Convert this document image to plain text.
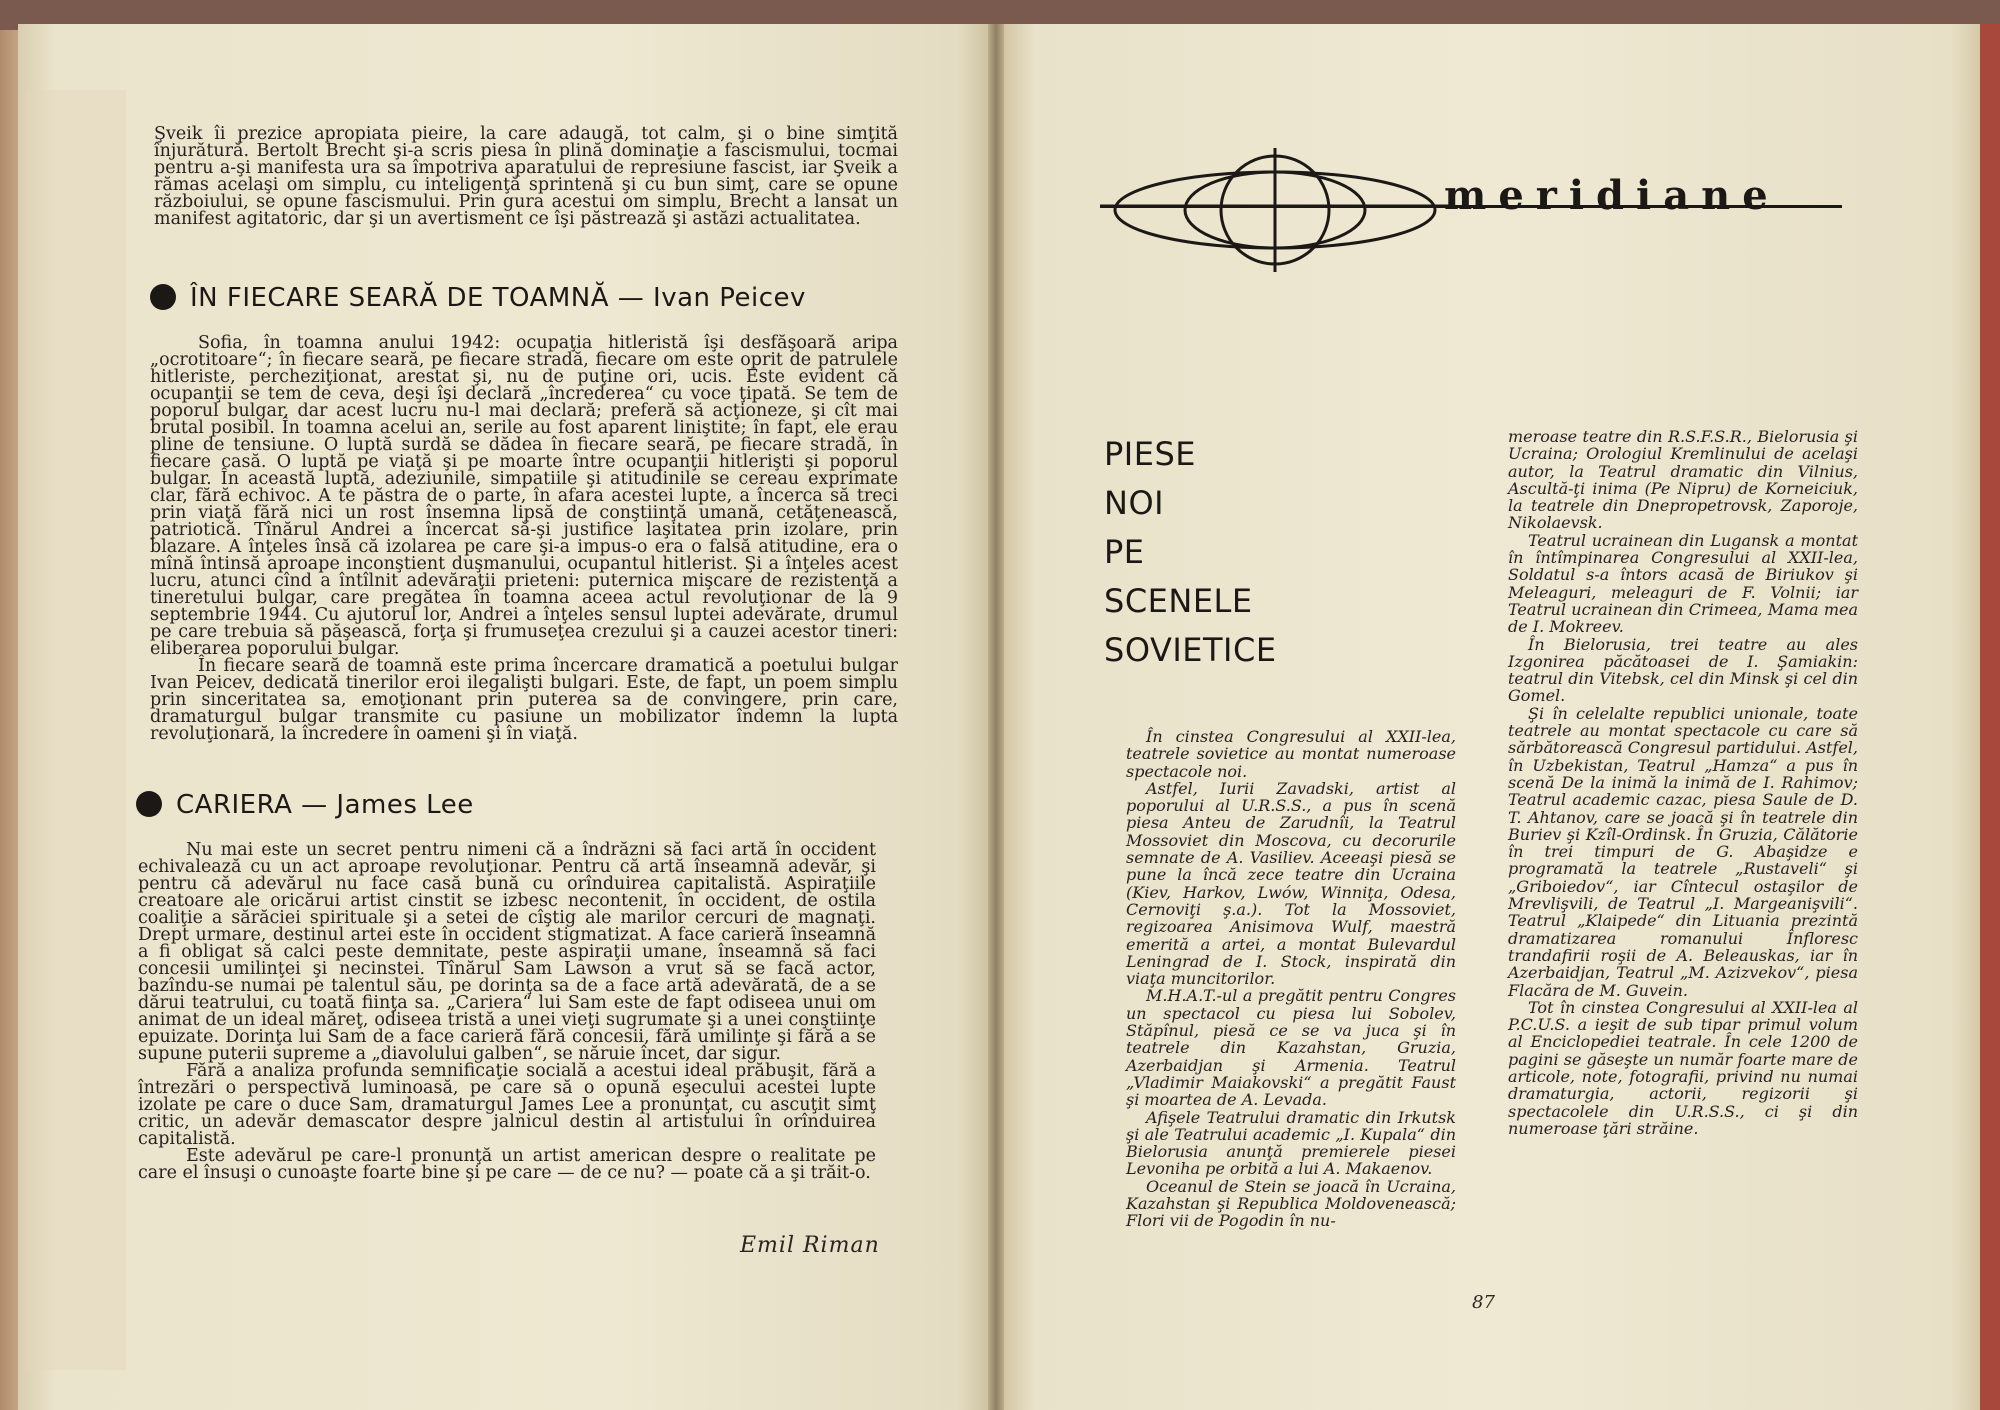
Şveik îi prezice apropiata pieire, la care adaugă, tot calm, şi o bine simţită înjurătură. Bertolt Brecht şi-a scris piesa în plină dominaţie a fascismului, tocmai pentru a-şi manifesta ura sa împotriva aparatului de represiune fascist, iar Şveik a rămas acelaşi om simplu, cu inteligenţă sprintenă şi cu bun simţ, care se opune războiului, se opune fascismului. Prin gura acestui om simplu, Brecht a lansat un manifest agitatoric, dar şi un avertisment ce îşi păstrează şi astăzi actualitatea.

ÎN FIECARE SEARĂ DE TOAMNĂ — Ivan Peicev

Sofia, în toamna anului 1942: ocupaţia hitleristă îşi desfăşoară aripa „ocrotitoare“; în fiecare seară, pe fiecare stradă, fiecare om este oprit de patrulele hitleriste, percheziţionat, arestat şi, nu de puţine ori, ucis. Este evident că ocupanţii se tem de ceva, deşi îşi declară „încrederea“ cu voce ţipată. Se tem de poporul bulgar, dar acest lucru nu-l mai declară; preferă să acţioneze, şi cît mai brutal posibil. În toamna acelui an, serile au fost aparent liniştite; în fapt, ele erau pline de tensiune. O luptă surdă se dădea în fiecare seară, pe fiecare stradă, în fiecare casă. O luptă pe viaţă şi pe moarte între ocupanţii hitlerişti şi poporul bulgar. În această luptă, adeziunile, simpatiile şi atitudinile se cereau exprimate clar, fără echivoc. A te păstra de o parte, în afara acestei lupte, a încerca să treci prin viaţă fără nici un rost însemna lipsă de conştiinţă umană, cetăţenească, patriotică. Tînărul Andrei a încercat să-şi justifice laşitatea prin izolare, prin blazare. A înţeles însă că izolarea pe care şi-a impus-o era o falsă atitudine, era o mînă întinsă aproape inconştient duşmanului, ocupantul hitlerist. Şi a înţeles acest lucru, atunci cînd a întîlnit adevăraţii prieteni: puternica mişcare de rezistenţă a tineretului bulgar, care pregătea în toamna aceea actul revoluţionar de la 9 septembrie 1944. Cu ajutorul lor, Andrei a înţeles sensul luptei adevărate, drumul pe care trebuia să păşească, forţa şi frumuseţea crezului şi a cauzei acestor tineri: eliberarea poporului bulgar.

În fiecare seară de toamnă este prima încercare dramatică a poetului bulgar Ivan Peicev, dedicată tinerilor eroi ilegalişti bulgari. Este, de fapt, un poem simplu prin sinceritatea sa, emoţionant prin puterea sa de convingere, prin care, dramaturgul bulgar transmite cu pasiune un mobilizator îndemn la lupta revoluţionară, la încredere în oameni şi în viaţă.

CARIERA — James Lee

Nu mai este un secret pentru nimeni că a îndrăzni să faci artă în occident echivalează cu un act aproape revoluţionar. Pentru că artă înseamnă adevăr, şi pentru că adevărul nu face casă bună cu orînduirea capitalistă. Aspiraţiile creatoare ale oricărui artist cinstit se izbesc necontenit, în occident, de ostila coaliţie a sărăciei spirituale şi a setei de cîştig ale marilor cercuri de magnaţi. Drept urmare, destinul artei este în occident stigmatizat. A face carieră înseamnă a fi obligat să calci peste demnitate, peste aspiraţii umane, înseamnă să faci concesii umilinţei şi necinstei. Tînărul Sam Lawson a vrut să se facă actor, bazîndu-se numai pe talentul său, pe dorinţa sa de a face artă adevărată, de a se dărui teatrului, cu toată fiinţa sa. „Cariera“ lui Sam este de fapt odiseea unui om animat de un ideal măreţ, odiseea tristă a unei vieţi sugrumate şi a unei conştiinţe epuizate. Dorinţa lui Sam de a face carieră fără concesii, fără umilinţe şi fără a se supune puterii supreme a „diavolului galben“, se năruie încet, dar sigur.

Fără a analiza profunda semnificaţie socială a acestui ideal prăbuşit, fără a întrezări o perspectivă luminoasă, pe care să o opună eşecului acestei lupte izolate pe care o duce Sam, dramaturgul James Lee a pronunţat, cu ascuţit simţ critic, un adevăr demascator despre jalnicul destin al artistului în orînduirea capitalistă.

Este adevărul pe care-l pronunţă un artist american despre o realitate pe care el însuşi o cunoaşte foarte bine şi pe care — de ce nu? — poate că a şi trăit-o.

Emil Riman
meridiane
PIESE
NOI
PE
SCENELE
SOVIETICE

În cinstea Congresului al XXII-lea, teatrele sovietice au montat numeroase spectacole noi.

Astfel, Iurii Zavadski, artist al poporului al U.R.S.S., a pus în scenă piesa Anteu de Zarudnîi, la Teatrul Mossoviet din Moscova, cu decorurile semnate de A. Vasiliev. Aceeaşi piesă se pune la încă zece teatre din Ucraina (Kiev, Harkov, Lwów, Winniţa, Odesa, Cernoviţi ş.a.). Tot la Mossoviet, regizoarea Anisimova Wulf, maestră emerită a artei, a montat Bulevardul Leningrad de I. Stock, inspirată din viaţa muncitorilor.

M.H.A.T.-ul a pregătit pentru Congres un spectacol cu piesa lui Sobolev, Stăpînul, piesă ce se va juca şi în teatrele din Kazahstan, Gruzia, Azerbaidjan şi Armenia. Teatrul „Vladimir Maiakovski“ a pregătit Faust şi moartea de A. Levada.

Afişele Teatrului dramatic din Irkutsk şi ale Teatrului academic „I. Kupala“ din Bielorusia anunţă premierele piesei Levoniha pe orbită a lui A. Makaenov.

Oceanul de Stein se joacă în Ucraina, Kazahstan şi Republica Moldovenească; Flori vii de Pogodin în nu-

meroase teatre din R.S.F.S.R., Bielorusia şi Ucraina; Orologiul Kremlinului de acelaşi autor, la Teatrul dramatic din Vilnius, Ascultă-ţi inima (Pe Nipru) de Korneiciuk, la teatrele din Dnepropetrovsk, Zaporoje, Nikolaevsk.

Teatrul ucrainean din Lugansk a montat în întîmpinarea Congresului al XXII-lea, Soldatul s-a întors acasă de Biriukov şi Meleaguri, meleaguri de F. Volnii; iar Teatrul ucrainean din Crimeea, Mama mea de I. Mokreev.

În Bielorusia, trei teatre au ales Izgonirea păcătoasei de I. Şamiakin: teatrul din Vitebsk, cel din Minsk şi cel din Gomel.

Şi în celelalte republici unionale, toate teatrele au montat spectacole cu care să sărbătorească Congresul partidului. Astfel, în Uzbekistan, Teatrul „Hamza“ a pus în scenă De la inimă la inimă de I. Rahimov; Teatrul academic cazac, piesa Saule de D. T. Ahtanov, care se joacă şi în teatrele din Buriev şi Kzîl-Ordinsk. În Gruzia, Călătorie în trei timpuri de G. Abaşidze e programată la teatrele „Rustaveli“ şi „Griboiedov“, iar Cîntecul ostaşilor de Mrevlişvili, de Teatrul „I. Margeanişvili“. Teatrul „Klaipede“ din Lituania prezintă dramatizarea romanului Înfloresc trandafirii roşii de A. Beleauskas, iar în Azerbaidjan, Teatrul „M. Azizvekov“, piesa Flacăra de M. Guvein.

Tot în cinstea Congresului al XXII-lea al P.C.U.S. a ieşit de sub tipar primul volum al Enciclopediei teatrale. În cele 1200 de pagini se găseşte un număr foarte mare de articole, note, fotografii, privind nu numai dramaturgia, actorii, regizorii şi spectacolele din U.R.S.S., ci şi din numeroase ţări străine.

87
